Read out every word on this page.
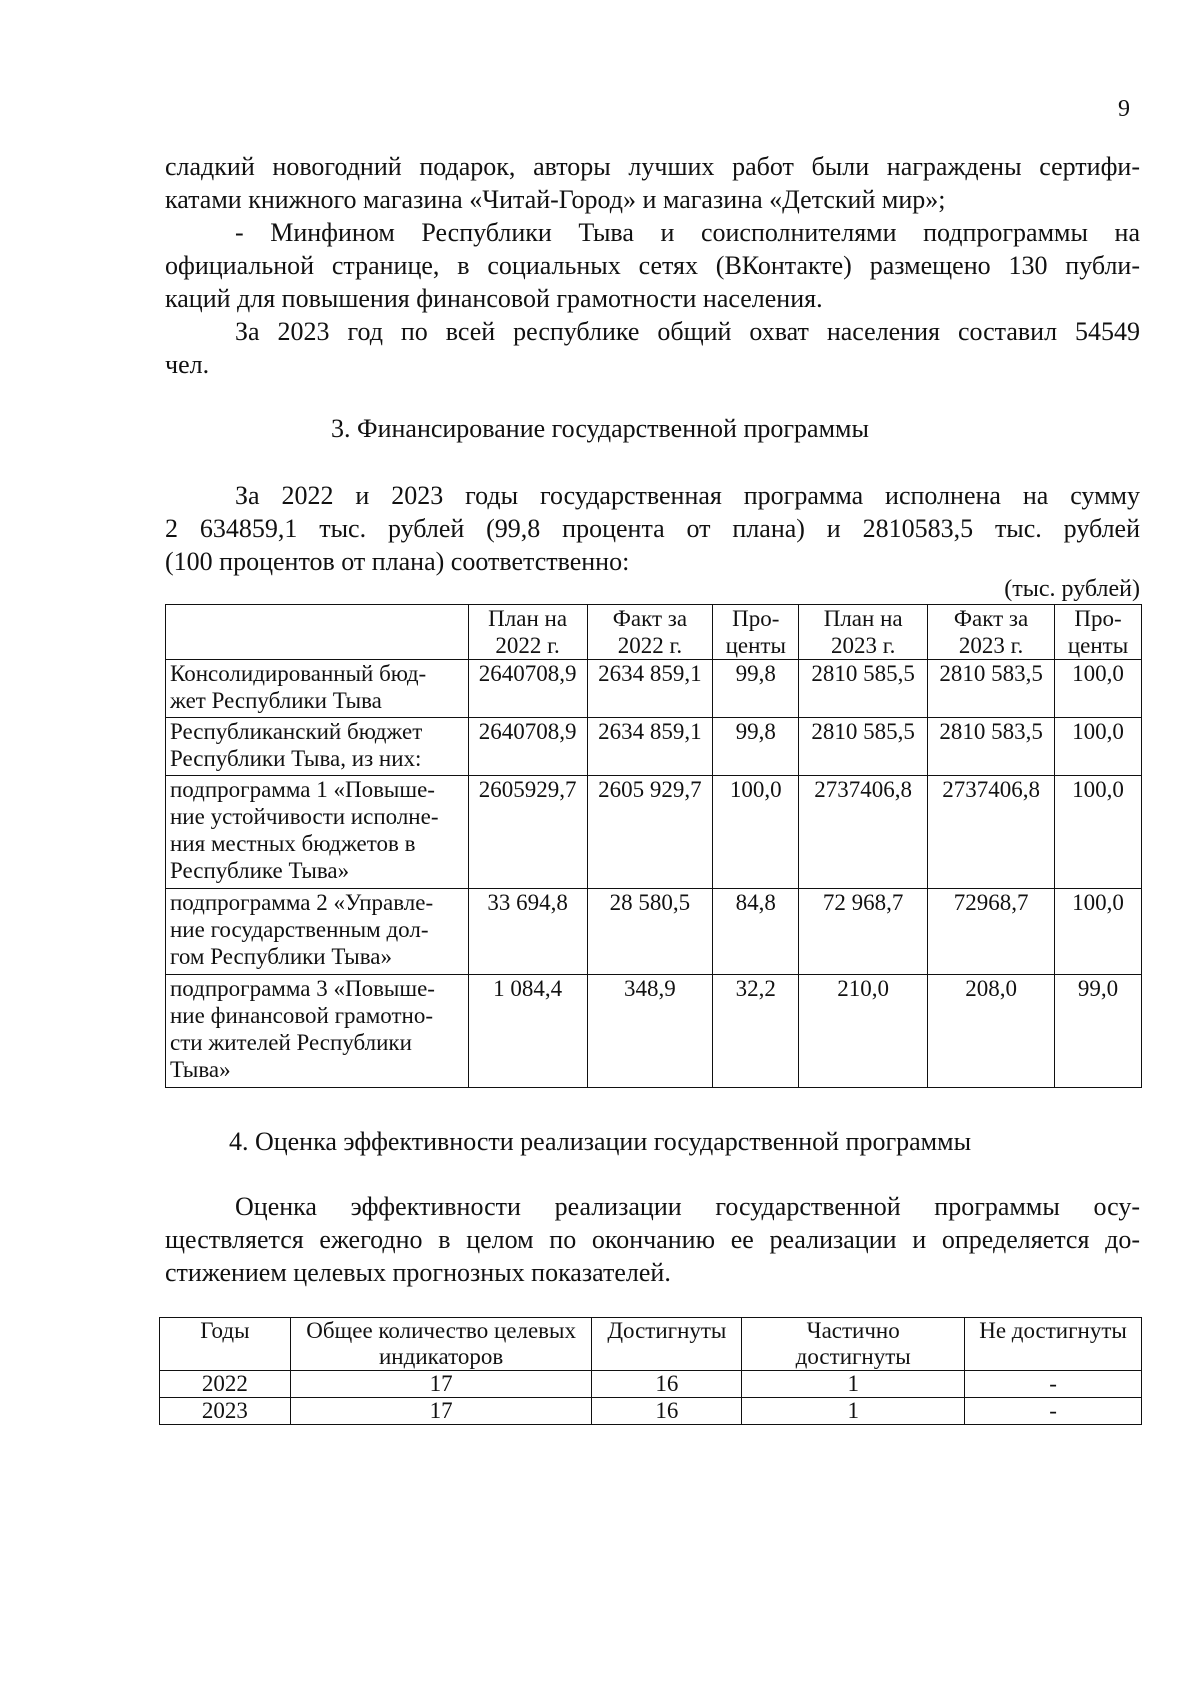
9

сладкий новогодний подарок, авторы лучших работ были награждены сертифи-
катами книжного магазина «Читай-Город» и магазина «Детский мир»;

- Минфином Республики Тыва и соисполнителями подпрограммы на
официальной странице, в социальных сетях (ВКонтакте) размещено 130 публи-
каций для повышения финансовой грамотности населения.

За 2023 год по всей республике общий охват населения составил 54549
чел.

3. Финансирование государственной программы

За 2022 и 2023 годы государственная программа исполнена на сумму
2 634859,1 тыс. рублей (99,8 процента от плана) и 2810583,5 тыс. рублей
(100 процентов от плана) соответственно:

(тыс. рублей)
	План на
2022 г.	Факт за
2022 г.	Про-
центы	План на
2023 г.	Факт за
2023 г.	Про-
центы
Консолидированный бюд-
жет Республики Тыва	2640708,9	2634 859,1	99,8	2810 585,5	2810 583,5	100,0
Республиканский бюджет
Республики Тыва, из них:	2640708,9	2634 859,1	99,8	2810 585,5	2810 583,5	100,0
подпрограмма 1 «Повыше-
ние устойчивости исполне-
ния местных бюджетов в
Республике Тыва»	2605929,7	2605 929,7	100,0	2737406,8	2737406,8	100,0
подпрограмма 2 «Управле-
ние государственным дол-
гом Республики Тыва»	33 694,8	28 580,5	84,8	72 968,7	72968,7	100,0
подпрограмма 3 «Повыше-
ние финансовой грамотно-
сти жителей Республики
Тыва»	1 084,4	348,9	32,2	210,0	208,0	99,0
4. Оценка эффективности реализации государственной программы

Оценка эффективности реализации государственной программы осу-
ществляется ежегодно в целом по окончанию ее реализации и определяется до-
стижением целевых прогнозных показателей.

Годы	Общее количество целевых
индикаторов	Достигнуты	Частично
достигнуты	Не достигнуты
2022	17	16	1	-
2023	17	16	1	-
